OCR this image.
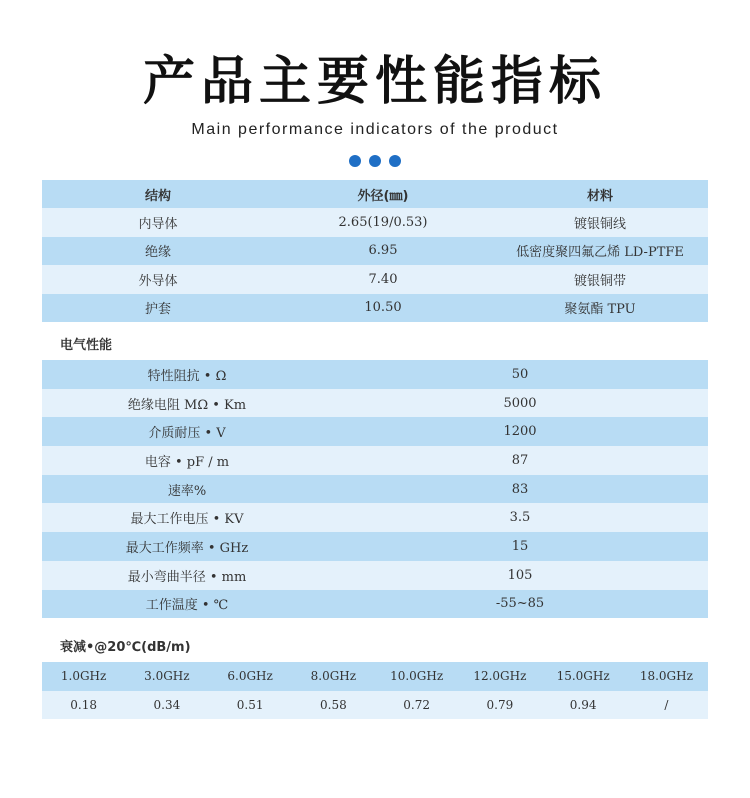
产品主要性能指标
Main performance indicators of the product
结构	外径(㎜)	材料
内导体	2.65(19/0.53)	镀银铜线
绝缘	6.95	低密度聚四氟乙烯 LD-PTFE
外导体	7.40	镀银铜带
护套	10.50	聚氨酯 TPU
电气性能
特性阻抗 • Ω	50
绝缘电阻 MΩ • Km	5000
介质耐压 • V	1200
电容 • pF / m	87
速率%	83
最大工作电压 • KV	3.5
最大工作频率 • GHz	15
最小弯曲半径 • mm	105
工作温度 • ℃	-55~85
衰减•@20℃(dB/m)
1.0GHz	3.0GHz	6.0GHz	8.0GHz	10.0GHz	12.0GHz	15.0GHz	18.0GHz
0.18	0.34	0.51	0.58	0.72	0.79	0.94	/
